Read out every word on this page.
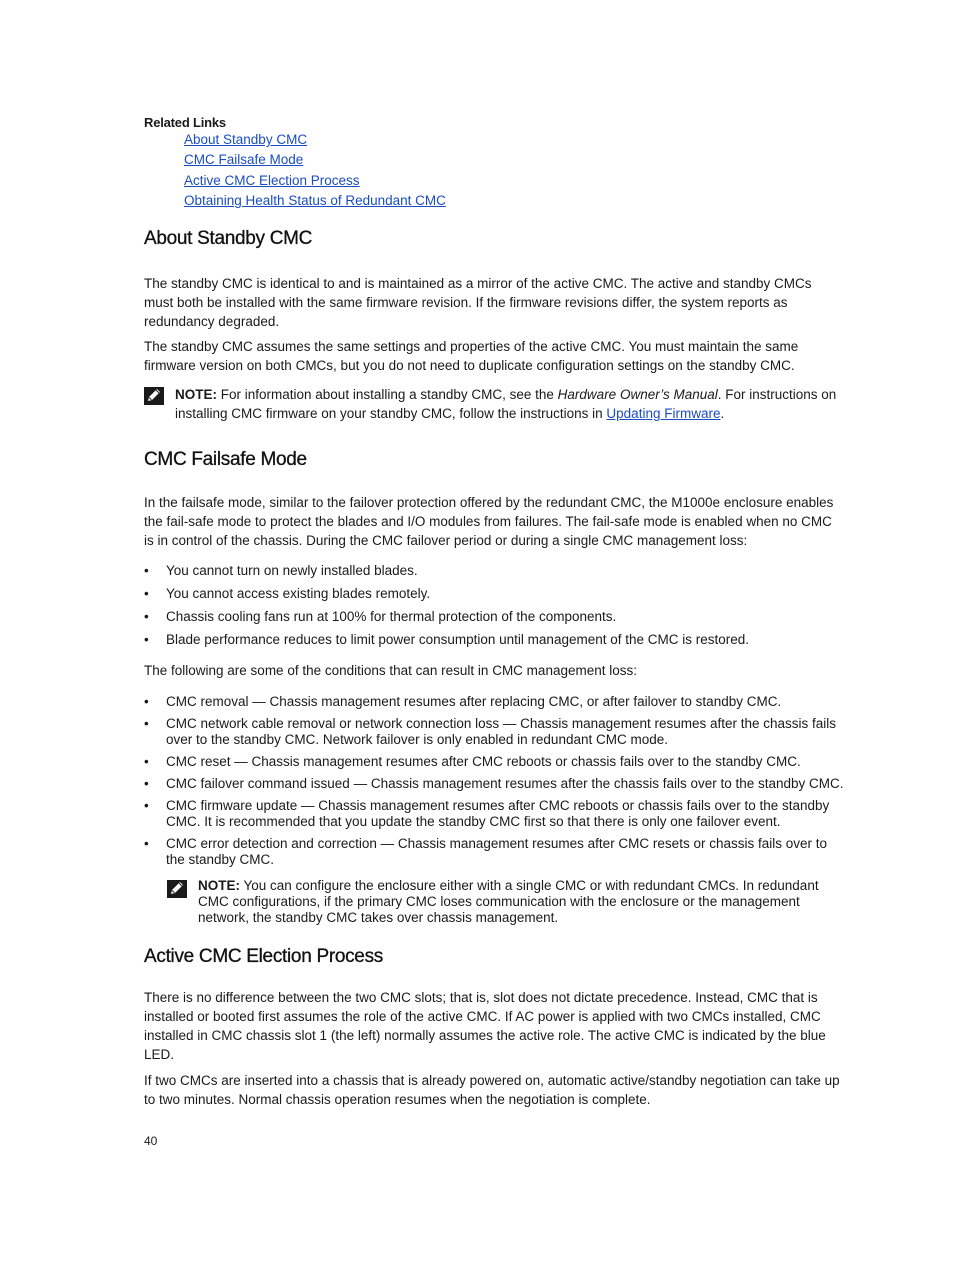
Related Links
About Standby CMC
CMC Failsafe Mode
Active CMC Election Process
Obtaining Health Status of Redundant CMC
About Standby CMC

The standby CMC is identical to and is maintained as a mirror of the active CMC. The active and standby CMCs must both be installed with the same firmware revision. If the firmware revisions differ, the system reports as redundancy degraded.

The standby CMC assumes the same settings and properties of the active CMC. You must maintain the same firmware version on both CMCs, but you do not need to duplicate configuration settings on the standby CMC.

NOTE: For information about installing a standby CMC, see the Hardware Owner’s Manual. For instructions on installing CMC firmware on your standby CMC, follow the instructions in Updating Firmware.

CMC Failsafe Mode

In the failsafe mode, similar to the failover protection offered by the redundant CMC, the M1000e enclosure enables the fail-safe mode to protect the blades and I/O modules from failures. The fail-safe mode is enabled when no CMC is in control of the chassis. During the CMC failover period or during a single CMC management loss:

• You cannot turn on newly installed blades.
• You cannot access existing blades remotely.
• Chassis cooling fans run at 100% for thermal protection of the components.
• Blade performance reduces to limit power consumption until management of the CMC is restored.

The following are some of the conditions that can result in CMC management loss:

• CMC removal — Chassis management resumes after replacing CMC, or after failover to standby CMC.
• CMC network cable removal or network connection loss — Chassis management resumes after the chassis fails over to the standby CMC. Network failover is only enabled in redundant CMC mode.
• CMC reset — Chassis management resumes after CMC reboots or chassis fails over to the standby CMC.
• CMC failover command issued — Chassis management resumes after the chassis fails over to the standby CMC.
• CMC firmware update — Chassis management resumes after CMC reboots or chassis fails over to the standby CMC. It is recommended that you update the standby CMC first so that there is only one failover event.
• CMC error detection and correction — Chassis management resumes after CMC resets or chassis fails over to the standby CMC.

NOTE: You can configure the enclosure either with a single CMC or with redundant CMCs. In redundant CMC configurations, if the primary CMC loses communication with the enclosure or the management network, the standby CMC takes over chassis management.

Active CMC Election Process

There is no difference between the two CMC slots; that is, slot does not dictate precedence. Instead, CMC that is installed or booted first assumes the role of the active CMC. If AC power is applied with two CMCs installed, CMC installed in CMC chassis slot 1 (the left) normally assumes the active role. The active CMC is indicated by the blue LED.

If two CMCs are inserted into a chassis that is already powered on, automatic active/standby negotiation can take up to two minutes. Normal chassis operation resumes when the negotiation is complete.

40
